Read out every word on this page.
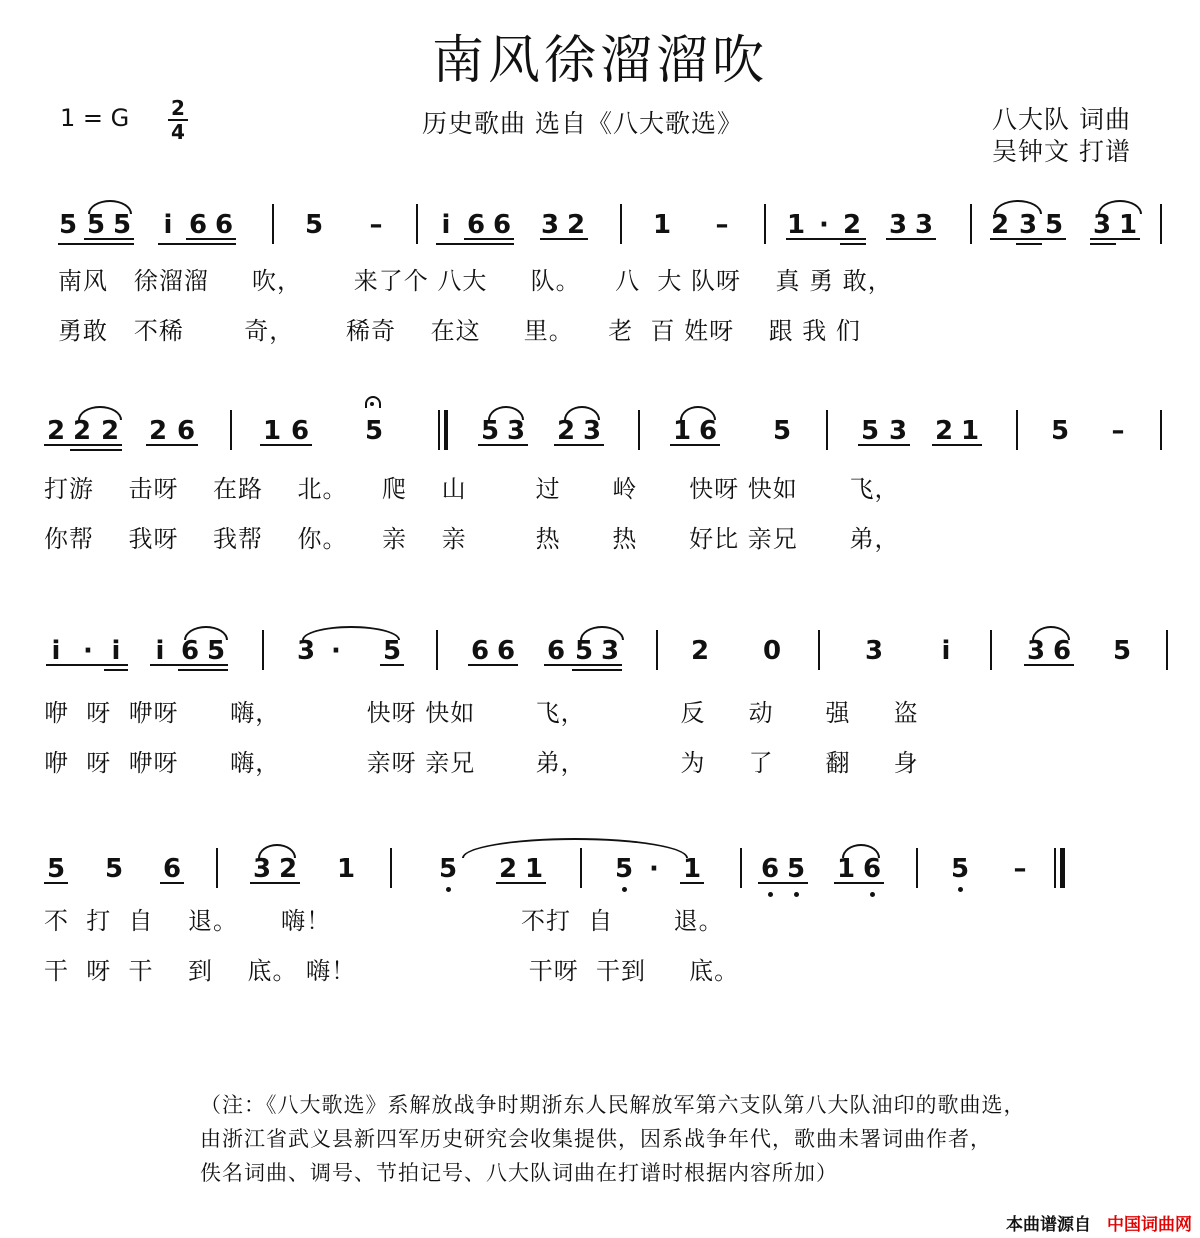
南风徐溜溜吹
1 = G 2
4	历史歌曲 选自《八大歌选》	八大队 词曲
吴钟文 打谱
5 5 5 i 6 6	5 – i 6 6 3 2	1 – 1 · 2 3 3 2 3 5 3 1
南风   徐溜溜     吹，      来了个 八大     队。    八  大 队呀    真 勇 敢，
勇敢   不稀       奇，      稀奇    在这     里。    老  百 姓呀    跟 我 们
2 2 2 2 6	1 6 5	5 3 2 3	1 6 5	5 3 2 1	5 –
打游    击呀    在路    北。    爬    山        过      岭      快呀 快如      飞，
你帮    我呀    我帮    你。    亲    亲        热      热      好比 亲兄      弟，
i · i i 6 5	3 · 5	6 6 6 5 3	2 0	3 i	3 6 5
咿  呀  咿呀      嗨，          快呀 快如       飞，           反     动      强     盗
咿  呀  咿呀      嗨，          亲呀 亲兄       弟，           为     了      翻     身
5 5 6	3 2 1	5 2 1	5 · 1 6 5 1 6	5 –
不  打  自    退。     嗨！                      不打  自       退。
干  呀  干    到    底。 嗨！                    干呀  干到     底。
（注：《八大歌选》系解放战争时期浙东人民解放军第六支队第八大队油印的歌曲选，
由浙江省武义县新四军历史研究会收集提供，因系战争年代，歌曲未署词曲作者，
佚名词曲、调号、节拍记号、八大队词曲在打谱时根据内容所加）
本曲谱源自 中国词曲网
